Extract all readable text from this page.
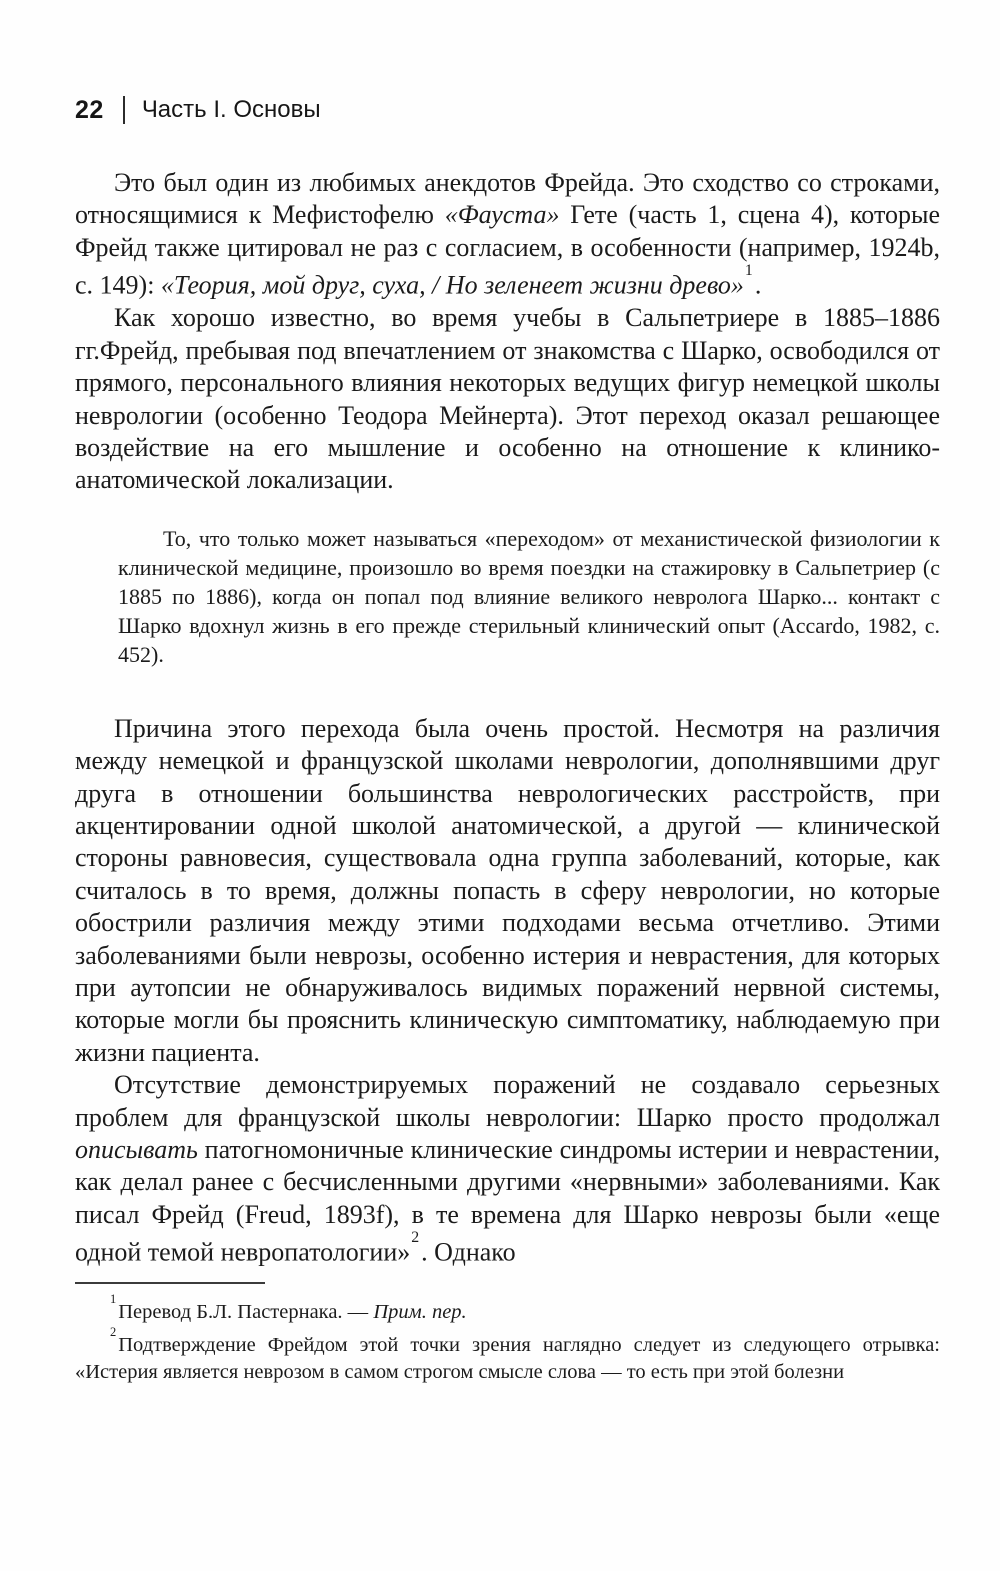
22 Часть I. Основы

Это был один из любимых анекдотов Фрейда. Это сходство со строками, относящимися к Мефистофелю «Фауста» Гете (часть 1, сцена 4), которые Фрейд также цитировал не раз с согласием, в особенности (например, 1924b, с. 149): «Теория, мой друг, суха, / Но зеленеет жизни древо»$^1$.

Как хорошо известно, во время учебы в Сальпетриере в 1885–1886 гг.Фрейд, пребывая под впечатлением от знакомства с Шарко, освободился от прямого, персонального влияния некоторых ведущих фигур немецкой школы неврологии (особенно Теодора Мейнерта). Этот переход оказал решающее воздействие на его мышление и особенно на отношение к клинико-анатомической локализации.

То, что только может называться «переходом» от механистической физиологии к клинической медицине, произошло во время поездки на стажировку в Сальпетриер (с 1885 по 1886), когда он попал под влияние великого невролога Шарко... контакт с Шарко вдохнул жизнь в его прежде стерильный клинический опыт (Accardo, 1982, с. 452).

Причина этого перехода была очень простой. Несмотря на различия между немецкой и французской школами неврологии, дополнявшими друг друга в отношении большинства неврологических расстройств, при акцентировании одной школой анатомической, а другой — клинической стороны равновесия, существовала одна группа заболеваний, которые, как считалось в то время, должны попасть в сферу неврологии, но которые обострили различия между этими подходами весьма отчетливо. Этими заболеваниями были неврозы, особенно истерия и неврастения, для которых при аутопсии не обнаруживалось видимых поражений нервной системы, которые могли бы прояснить клиническую симптоматику, наблюдаемую при жизни пациента.

Отсутствие демонстрируемых поражений не создавало серьезных проблем для французской школы неврологии: Шарко просто продолжал описывать патогномоничные клинические синдромы истерии и неврастении, как делал ранее с бесчисленными другими «нервными» заболеваниями. Как писал Фрейд (Freud, 1893f), в те времена для Шарко неврозы были «еще одной темой невропатологии»$^2$. Однако

$^1$Перевод Б.Л. Пастернака. — Прим. пер.

$^2$Подтверждение Фрейдом этой точки зрения наглядно следует из следующего отрывка: «Истерия является неврозом в самом строгом смысле слова — то есть при этой болезни
